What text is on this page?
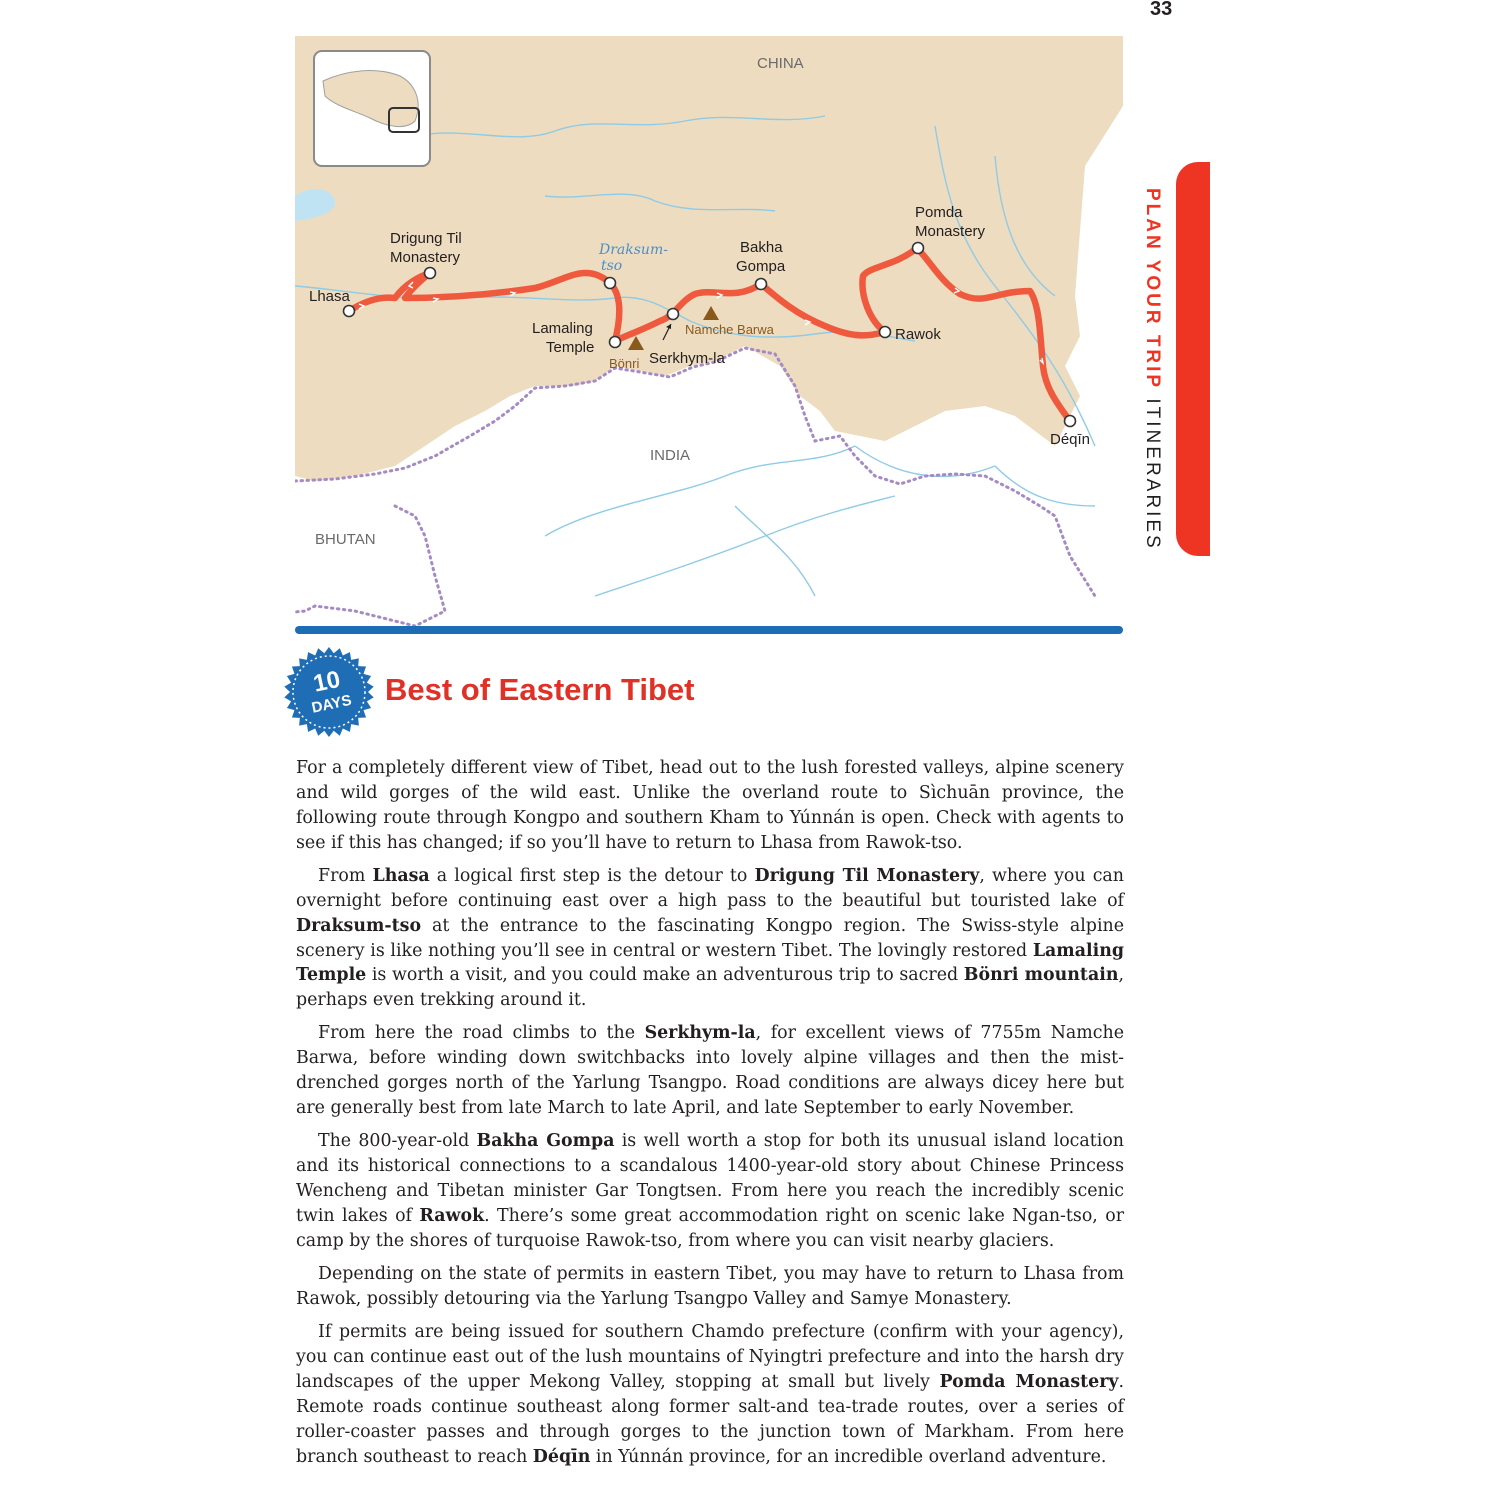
33
PLAN YOUR TRIP ITINERARIES
CHINA
INDIA
BHUTAN
Namche Barwa
Bönri
Lhasa
Drigung Til
Monastery
Lamaling
Temple
Serkhym-la
Bakha
Gompa
Rawok
Pomda
Monastery
Déqīn
Draksum-
tso
10
DAYS Best of Eastern Tibet

For a completely different view of Tibet, head out to the lush forested valleys, alpine scenery and wild gorges of the wild east. Unlike the overland route to Sìchuān province, the following route through Kongpo and southern Kham to Yúnnán is open. Check with agents to see if this has changed; if so you’ll have to return to Lhasa from Rawok-tso.

From Lhasa a logical first step is the detour to Drigung Til Monastery, where you can overnight before continuing east over a high pass to the beautiful but touristed lake of Draksum-tso at the entrance to the fascinating Kongpo region. The Swiss-style alpine scenery is like nothing you’ll see in central or western Tibet. The lovingly restored Lamaling Temple is worth a visit, and you could make an adventurous trip to sacred Bönri mountain, perhaps even trekking around it.

From here the road climbs to the Serkhym-la, for excellent views of 7755m Namche Barwa, before winding down switchbacks into lovely alpine villages and then the mist-drenched gorges north of the Yarlung Tsangpo. Road conditions are always dicey here but are generally best from late March to late April, and late September to early November.

The 800-year-old Bakha Gompa is well worth a stop for both its unusual island location and its historical connections to a scandalous 1400-year-old story about Chinese Princess Wencheng and Tibetan minister Gar Tongtsen. From here you reach the incredibly scenic twin lakes of Rawok. There’s some great accommodation right on scenic lake Ngan-tso, or camp by the shores of turquoise Rawok-tso, from where you can visit nearby glaciers.

Depending on the state of permits in eastern Tibet, you may have to return to Lhasa from Rawok, possibly detouring via the Yarlung Tsangpo Valley and Samye Monastery.

If permits are being issued for southern Chamdo prefecture (confirm with your agency), you can continue east out of the lush mountains of Nyingtri prefecture and into the harsh dry landscapes of the upper Mekong Valley, stopping at small but lively Pomda Monastery. Remote roads continue southeast along former salt-and tea-trade routes, over a series of roller-coaster passes and through gorges to the junction town of Markham. From here branch southeast to reach Déqīn in Yúnnán province, for an incredible overland adventure.
